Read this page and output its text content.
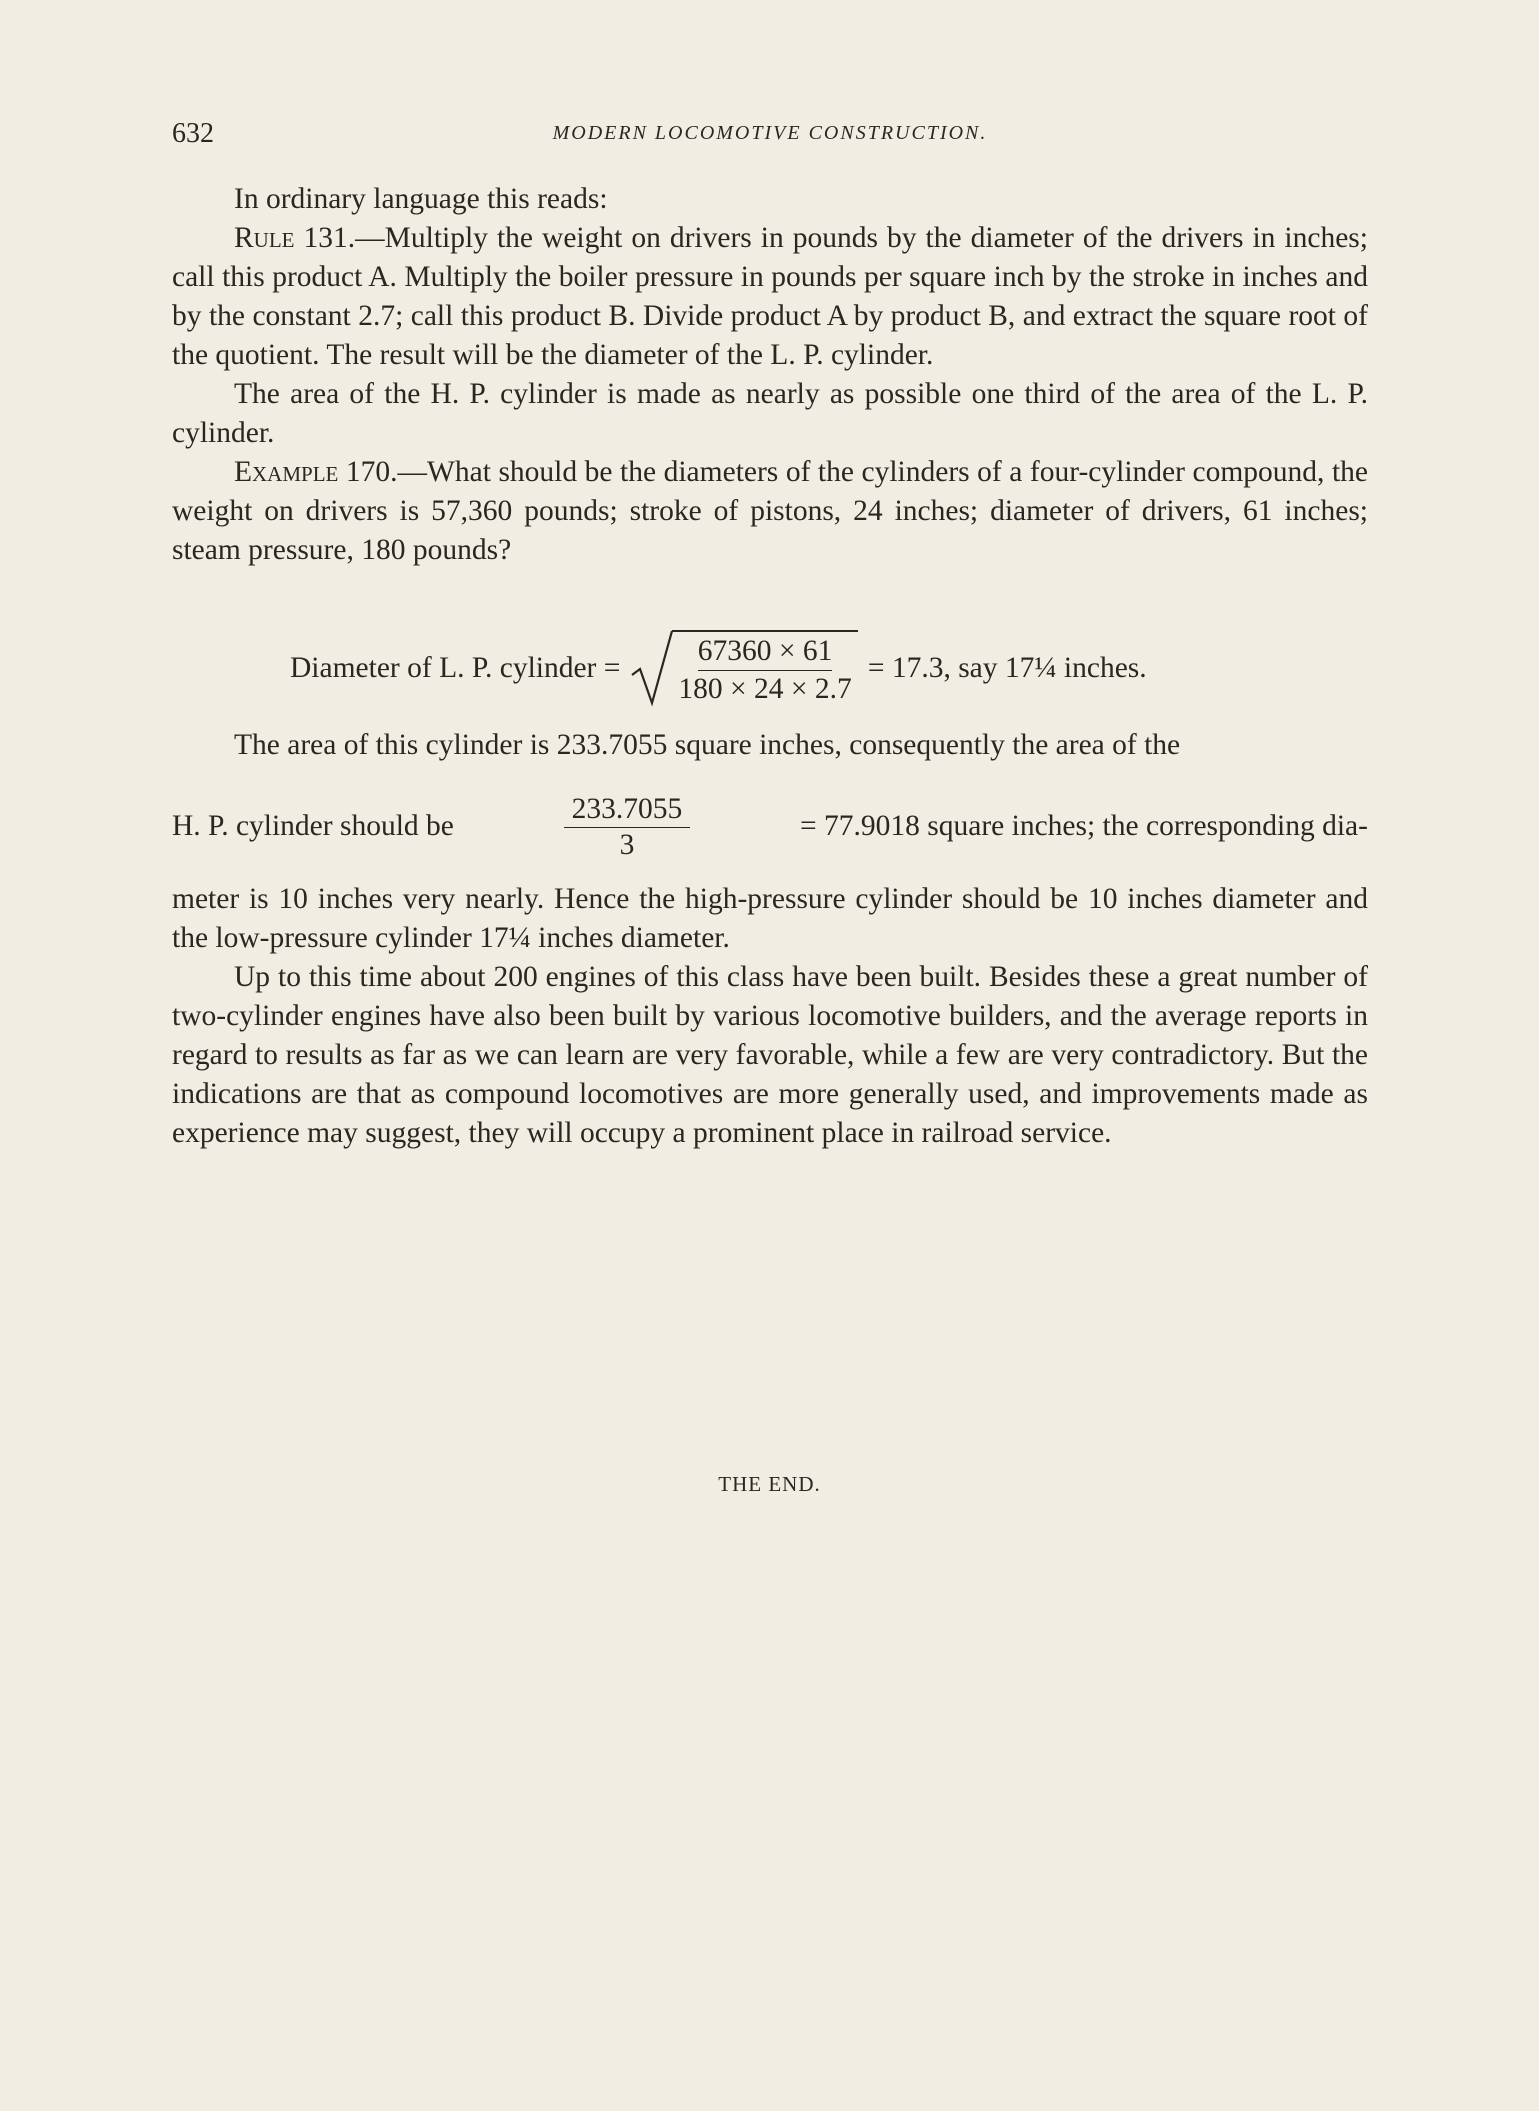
632	MODERN LOCOMOTIVE CONSTRUCTION.

In ordinary language this reads:

Rule 131.—Multiply the weight on drivers in pounds by the diameter of the drivers in inches; call this product A. Multiply the boiler pressure in pounds per square inch by the stroke in inches and by the constant 2.7; call this product B. Divide product A by product B, and extract the square root of the quotient. The result will be the diameter of the L. P. cylinder.

The area of the H. P. cylinder is made as nearly as possible one third of the area of the L. P. cylinder.

Example 170.—What should be the diameters of the cylinders of a four-cylinder compound, the weight on drivers is 57,360 pounds; stroke of pistons, 24 inches; diameter of drivers, 61 inches; steam pressure, 180 pounds?

Diameter of L. P. cylinder = $\frac{67360 \times 61}{180 \times 24 \times 2.7} = 17.3$, say 17¼ inches.

The area of this cylinder is 233.7055 square inches, consequently the area of the

H. P. cylinder should be	$\frac{233.7055}{3}$	= 77.9018 square inches; the corresponding dia-

meter is 10 inches very nearly. Hence the high-pressure cylinder should be 10 inches diameter and the low-pressure cylinder 17¼ inches diameter.

Up to this time about 200 engines of this class have been built. Besides these a great number of two-cylinder engines have also been built by various locomotive builders, and the average reports in regard to results as far as we can learn are very favorable, while a few are very contradictory. But the indications are that as compound locomotives are more generally used, and improvements made as experience may suggest, they will occupy a prominent place in railroad service.

THE END.
